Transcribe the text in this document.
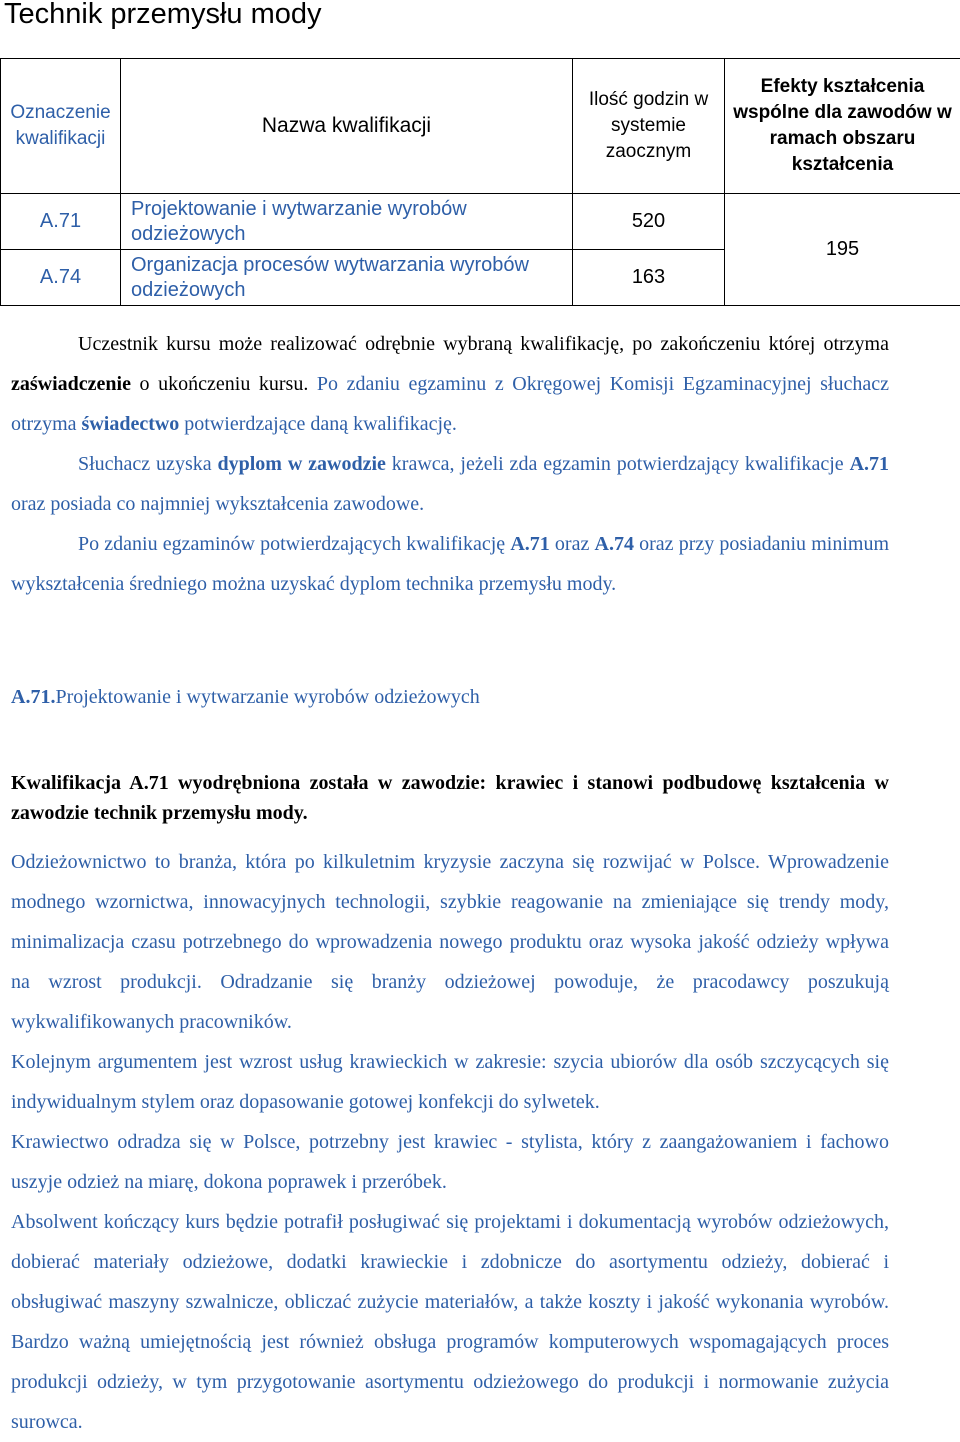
Technik przemysłu mody
Oznaczenie kwalifikacji	Nazwa kwalifikacji	Ilość godzin w systemie zaocznym	Efekty kształcenia wspólne dla zawodów w ramach obszaru kształcenia
A.71	Projektowanie i wytwarzanie wyrobów odzieżowych	520	195
A.74	Organizacja procesów wytwarzania wyrobów odzieżowych	163	

Uczestnik kursu może realizować odrębnie wybraną kwalifikację, po zakończeniu której otrzyma zaświadczenie o ukończeniu kursu. Po zdaniu egzaminu z Okręgowej Komisji Egzaminacyjnej słuchacz otrzyma świadectwo potwierdzające daną kwalifikację.

Słuchacz uzyska dyplom w zawodzie krawca, jeżeli zda egzamin potwierdzający kwalifikacje A.71 oraz posiada co najmniej wykształcenia zawodowe.

Po zdaniu egzaminów potwierdzających kwalifikację A.71 oraz A.74 oraz przy posiadaniu minimum wykształcenia średniego można uzyskać dyplom technika przemysłu mody.

A.71.Projektowanie i wytwarzanie wyrobów odzieżowych

Kwalifikacja A.71 wyodrębniona została w zawodzie: krawiec i stanowi podbudowę kształcenia w zawodzie technik przemysłu mody.

Odzieżownictwo to branża, która po kilkuletnim kryzysie zaczyna się rozwijać w Polsce. Wprowadzenie modnego wzornictwa, innowacyjnych technologii, szybkie reagowanie na zmieniające się trendy mody, minimalizacja czasu potrzebnego do wprowadzenia nowego produktu oraz wysoka jakość odzieży wpływa na wzrost produkcji. Odradzanie się branży odzieżowej powoduje, że pracodawcy poszukują wykwalifikowanych pracowników.

Kolejnym argumentem jest wzrost usług krawieckich w zakresie: szycia ubiorów dla osób szczycących się indywidualnym stylem oraz dopasowanie gotowej konfekcji do sylwetek.

Krawiectwo odradza się w Polsce, potrzebny jest krawiec - stylista, który z zaangażowaniem i fachowo uszyje odzież na miarę, dokona poprawek i przeróbek.

Absolwent kończący kurs będzie potrafił posługiwać się projektami i dokumentacją wyrobów odzieżowych, dobierać materiały odzieżowe, dodatki krawieckie i zdobnicze do asortymentu odzieży, dobierać i obsługiwać maszyny szwalnicze, obliczać zużycie materiałów, a także koszty i jakość wykonania wyrobów. Bardzo ważną umiejętnością jest również obsługa programów komputerowych wspomagających proces produkcji odzieży, w tym przygotowanie asortymentu odzieżowego do produkcji i normowanie zużycia surowca.
